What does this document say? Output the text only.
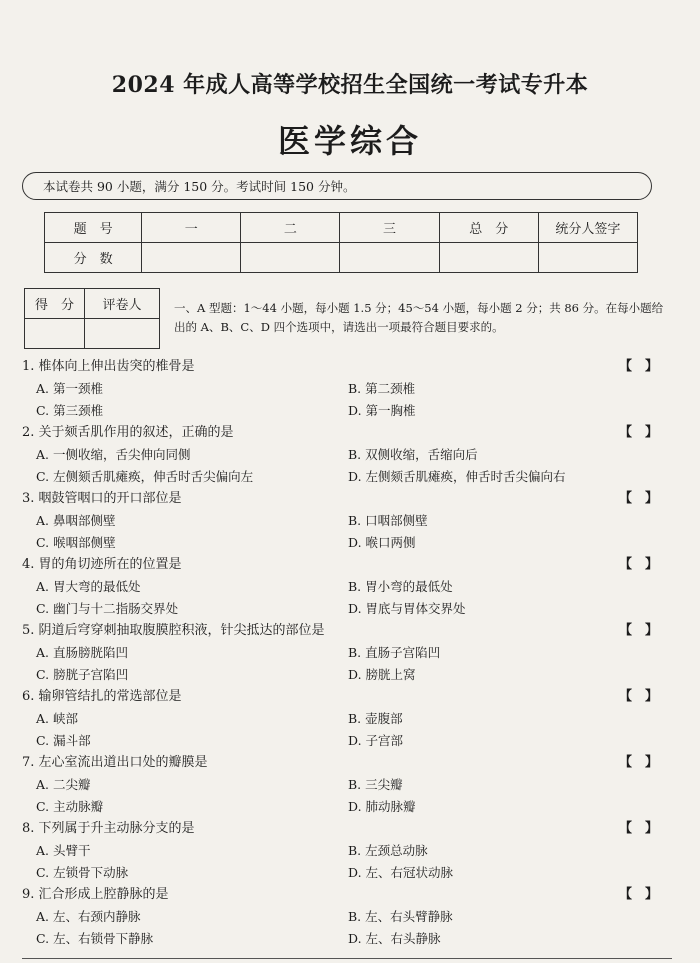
2024 年成人高等学校招生全国统一考试专升本
医学综合
本试卷共 90 小题，满分 150 分。考试时间 150 分钟。
题　号	一	二	三	总　分	统分人签字
分　数					
得　分	评卷人
		一、A 型题：1～44 小题，每小题 1.5 分；45～54 小题，每小题 2 分；共 86 分。在每小题给出的 A、B、C、D 四个选项中，请选出一项最符合题目要求的。
1. 椎体向上伸出齿突的椎骨是	【　】
A. 第一颈椎	B. 第二颈椎
C. 第三颈椎	D. 第一胸椎
2. 关于颏舌肌作用的叙述，正确的是	【　】
A. 一侧收缩，舌尖伸向同侧	B. 双侧收缩，舌缩向后
C. 左侧颏舌肌瘫痪，伸舌时舌尖偏向左	D. 左侧颏舌肌瘫痪，伸舌时舌尖偏向右
3. 咽鼓管咽口的开口部位是	【　】
A. 鼻咽部侧壁	B. 口咽部侧壁
C. 喉咽部侧壁	D. 喉口两侧
4. 胃的角切迹所在的位置是	【　】
A. 胃大弯的最低处	B. 胃小弯的最低处
C. 幽门与十二指肠交界处	D. 胃底与胃体交界处
5. 阴道后穹穿刺抽取腹膜腔积液，针尖抵达的部位是	【　】
A. 直肠膀胱陷凹	B. 直肠子宫陷凹
C. 膀胱子宫陷凹	D. 膀胱上窝
6. 输卵管结扎的常选部位是	【　】
A. 峡部	B. 壶腹部
C. 漏斗部	D. 子宫部
7. 左心室流出道出口处的瓣膜是	【　】
A. 二尖瓣	B. 三尖瓣
C. 主动脉瓣	D. 肺动脉瓣
8. 下列属于升主动脉分支的是	【　】
A. 头臂干	B. 左颈总动脉
C. 左锁骨下动脉	D. 左、右冠状动脉
9. 汇合形成上腔静脉的是	【　】
A. 左、右颈内静脉	B. 左、右头臂静脉
C. 左、右锁骨下静脉	D. 左、右头静脉
